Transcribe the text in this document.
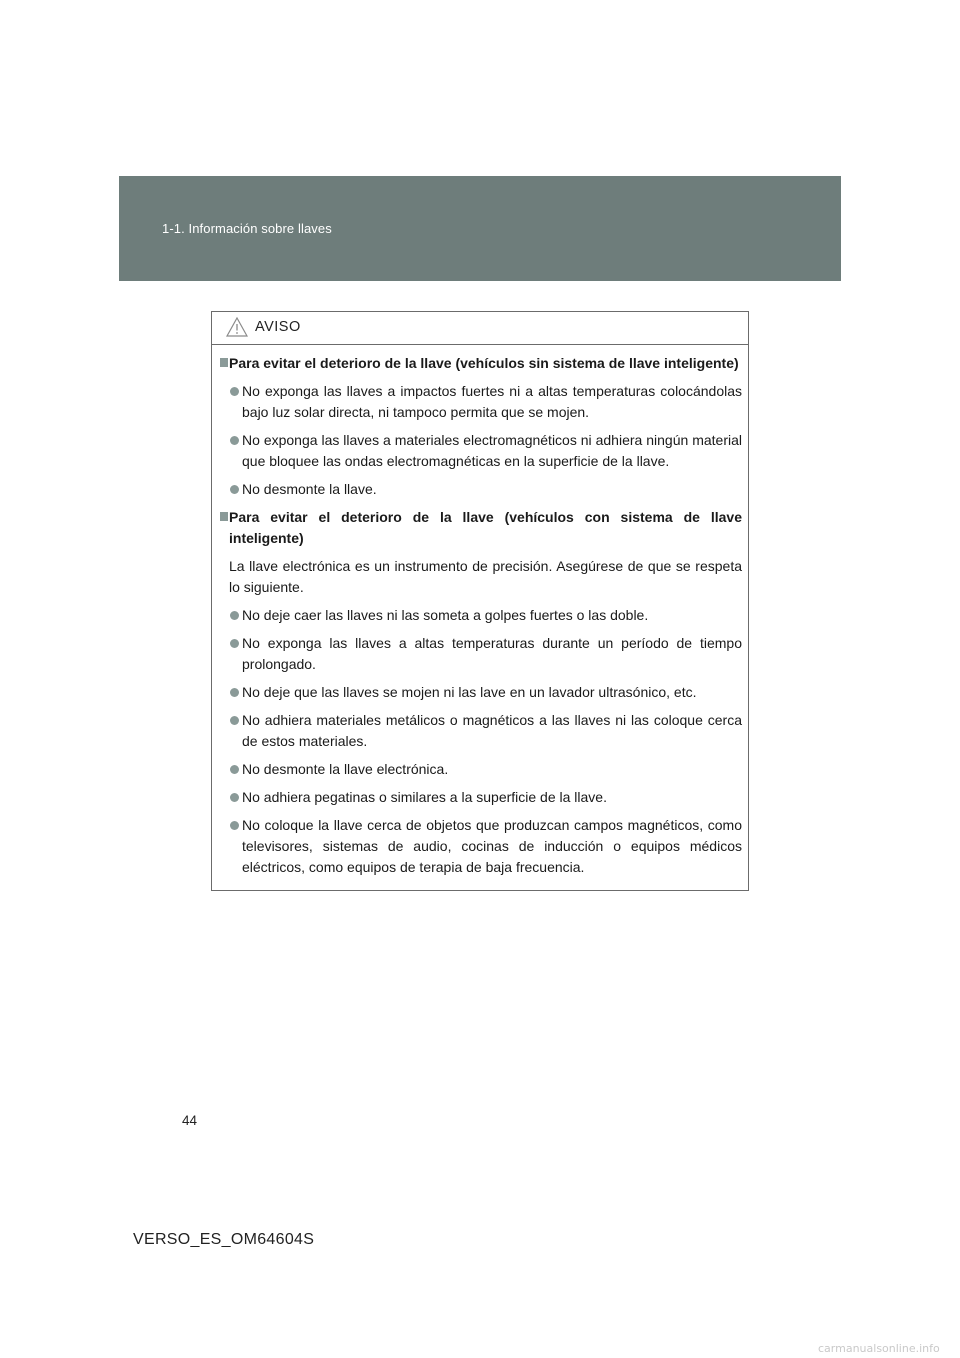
1-1. Información sobre llaves
AVISO
Para evitar el deterioro de la llave (vehículos sin sistema de llave inteligente)
No exponga las llaves a impactos fuertes ni a altas temperaturas colocándolas bajo luz solar directa, ni tampoco permita que se mojen.
No exponga las llaves a materiales electromagnéticos ni adhiera ningún material que bloquee las ondas electromagnéticas en la superficie de la llave.
No desmonte la llave.
Para evitar el deterioro de la llave (vehículos con sistema de llave inteligente)
La llave electrónica es un instrumento de precisión. Asegúrese de que se respeta lo siguiente.
No deje caer las llaves ni las someta a golpes fuertes o las doble.
No exponga las llaves a altas temperaturas durante un período de tiempo prolongado.
No deje que las llaves se mojen ni las lave en un lavador ultrasónico, etc.
No adhiera materiales metálicos o magnéticos a las llaves ni las coloque cerca de estos materiales.
No desmonte la llave electrónica.
No adhiera pegatinas o similares a la superficie de la llave.
No coloque la llave cerca de objetos que produzcan campos magnéticos, como televisores, sistemas de audio, cocinas de inducción o equipos médicos eléctricos, como equipos de terapia de baja frecuencia.
44
VERSO_ES_OM64604S
carmanualsonline.info
